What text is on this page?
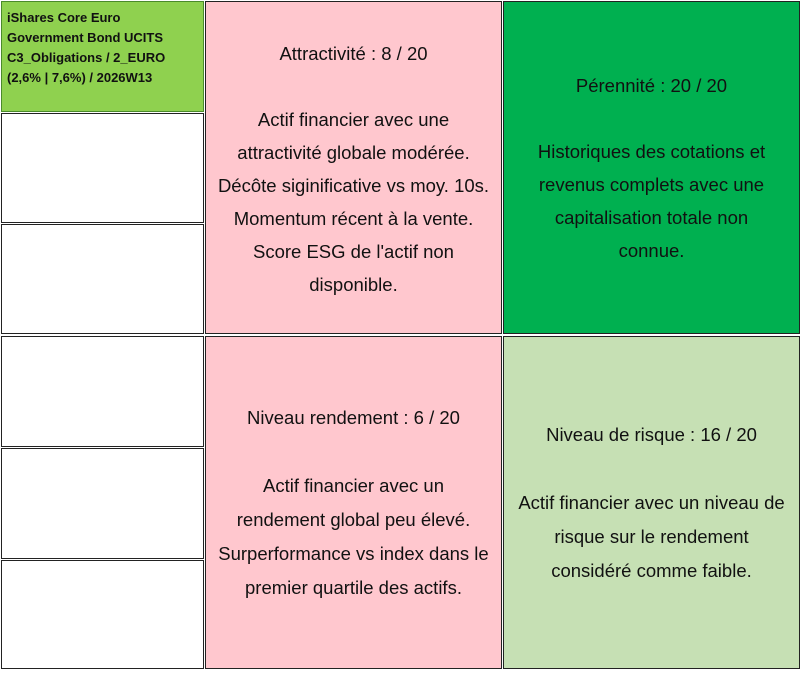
iShares Core Euro
Government Bond UCITS
C3_Obligations / 2_EURO
(2,6% | 7,6%) / 2026W13
Attractivité : 8 / 20
Actif financier avec une
attractivité globale modérée.
Décôte siginificative vs moy. 10s.
Momentum récent à la vente.
Score ESG de l'actif non
disponible.
Pérennité : 20 / 20
Historiques des cotations et
revenus complets avec une
capitalisation totale non
connue.
Niveau rendement : 6 / 20
Actif financier avec un
rendement global peu élevé.
Surperformance vs index dans le
premier quartile des actifs.
Niveau de risque : 16 / 20
Actif financier avec un niveau de
risque sur le rendement
considéré comme faible.
